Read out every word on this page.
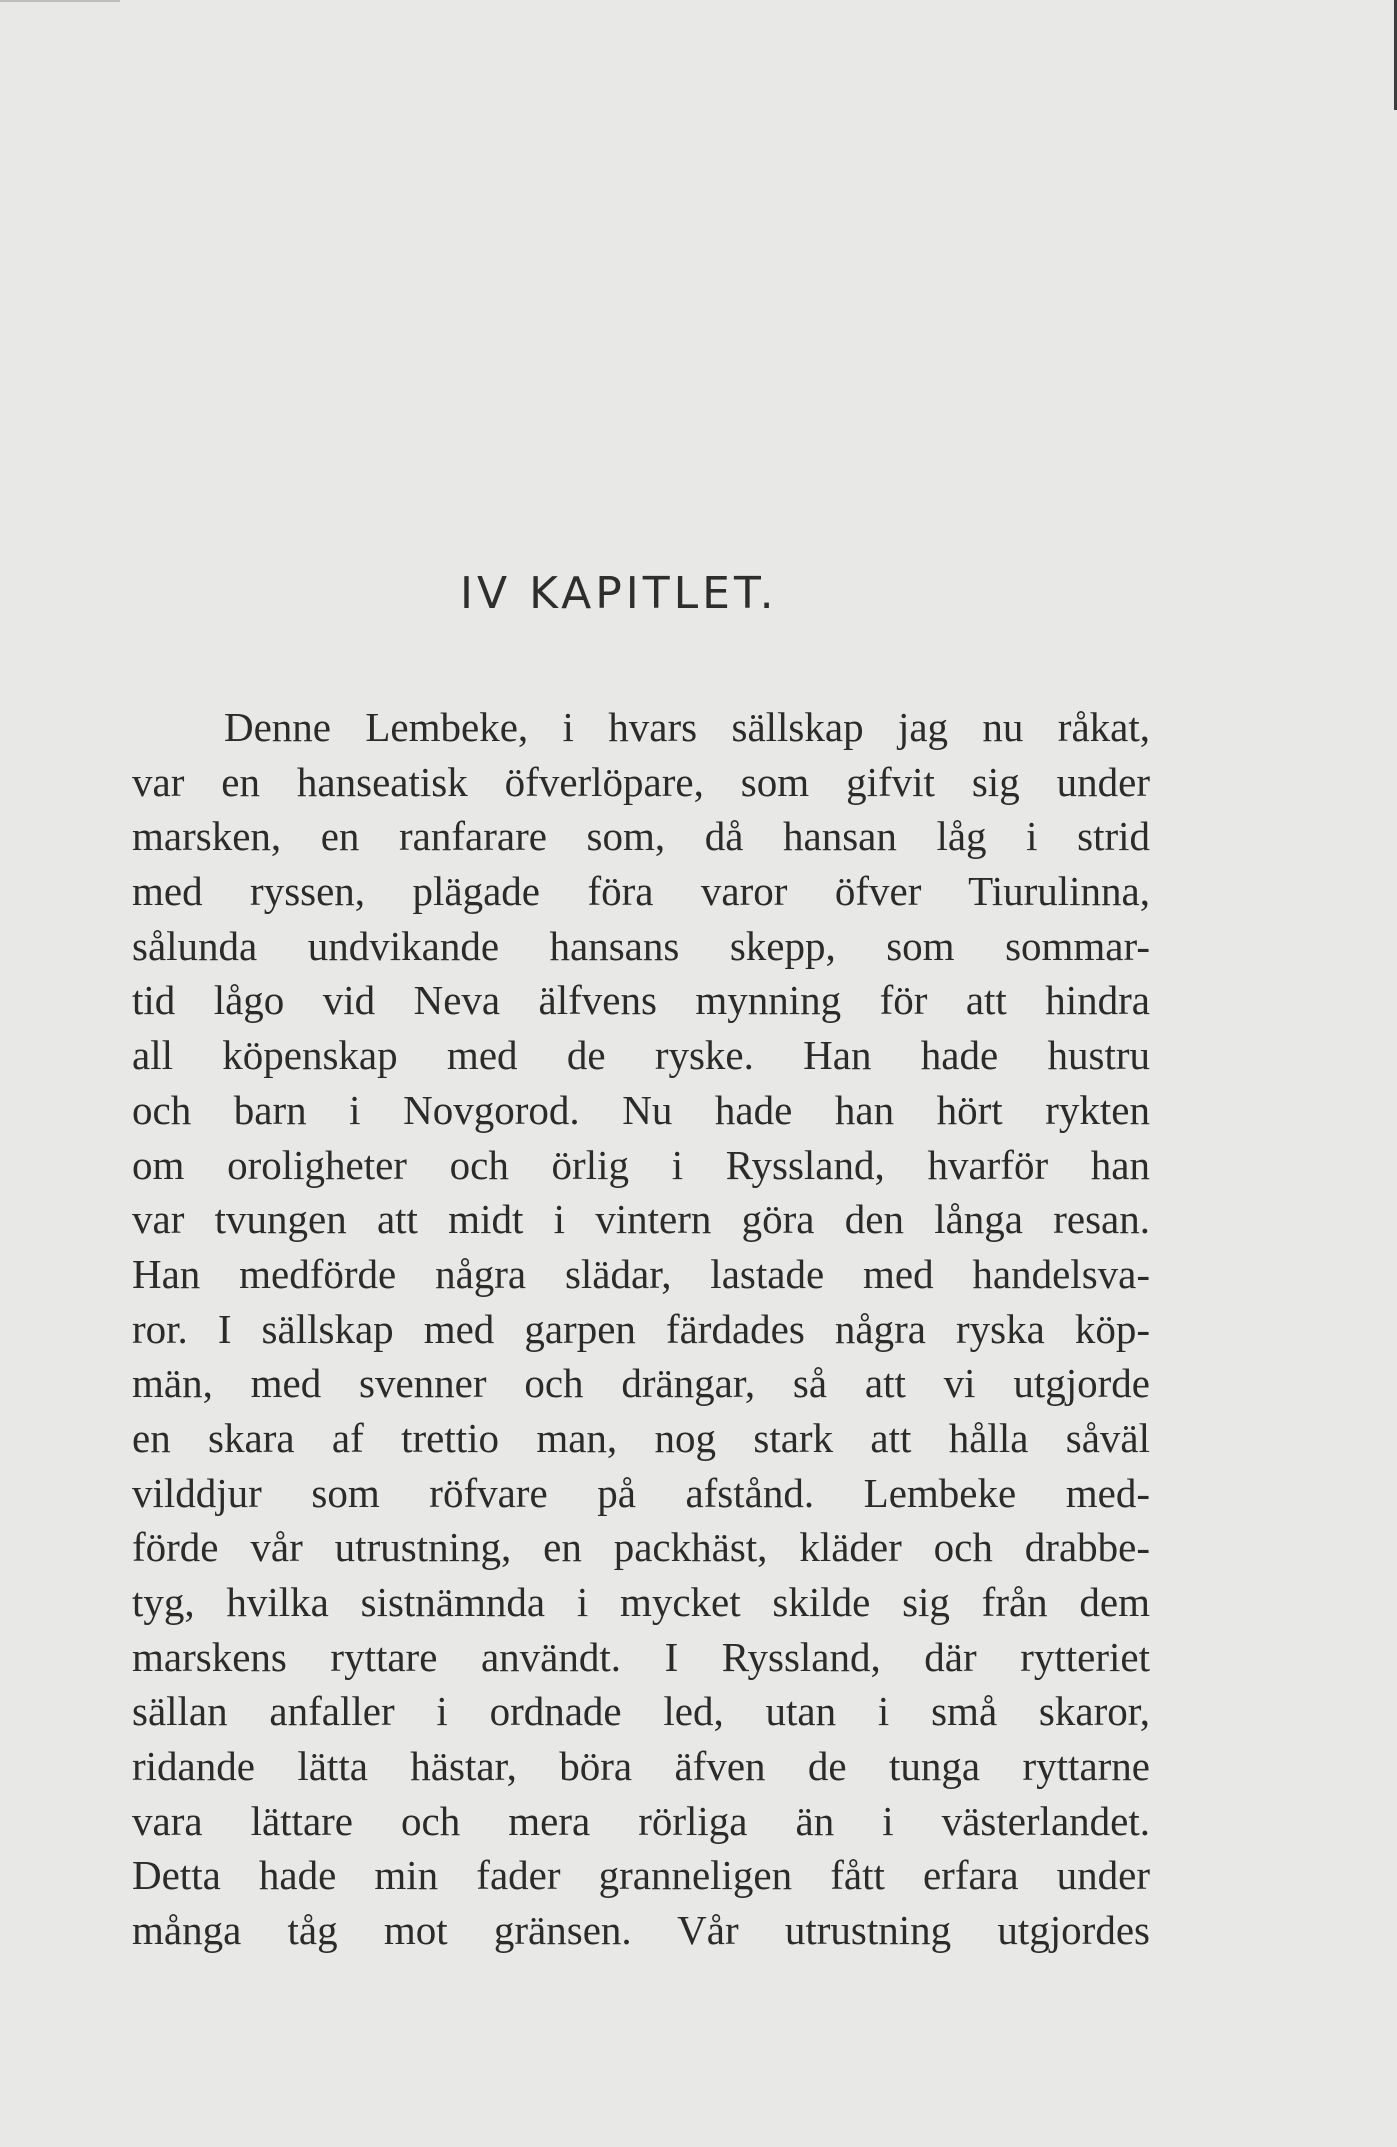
IV KAPITLET.
Denne Lembeke, i hvars sällskap jag nu råkat,
var en hanseatisk öfverlöpare, som gifvit sig under
marsken, en ranfarare som, då hansan låg i strid
med ryssen, plägade föra varor öfver Tiurulinna,
sålunda undvikande hansans skepp, som sommar-
tid lågo vid Neva älfvens mynning för att hindra
all köpenskap med de ryske. Han hade hustru
och barn i Novgorod. Nu hade han hört rykten
om oroligheter och örlig i Ryssland, hvarför han
var tvungen att midt i vintern göra den långa resan.
Han medförde några slädar, lastade med handelsva-
ror. I sällskap med garpen färdades några ryska köp-
män, med svenner och drängar, så att vi utgjorde
en skara af trettio man, nog stark att hålla såväl
vilddjur som röfvare på afstånd. Lembeke med-
förde vår utrustning, en packhäst, kläder och drabbe-
tyg, hvilka sistnämnda i mycket skilde sig från dem
marskens ryttare användt. I Ryssland, där rytteriet
sällan anfaller i ordnade led, utan i små skaror,
ridande lätta hästar, böra äfven de tunga ryttarne
vara lättare och mera rörliga än i västerlandet.
Detta hade min fader granneligen fått erfara under
många tåg mot gränsen. Vår utrustning utgjordes
